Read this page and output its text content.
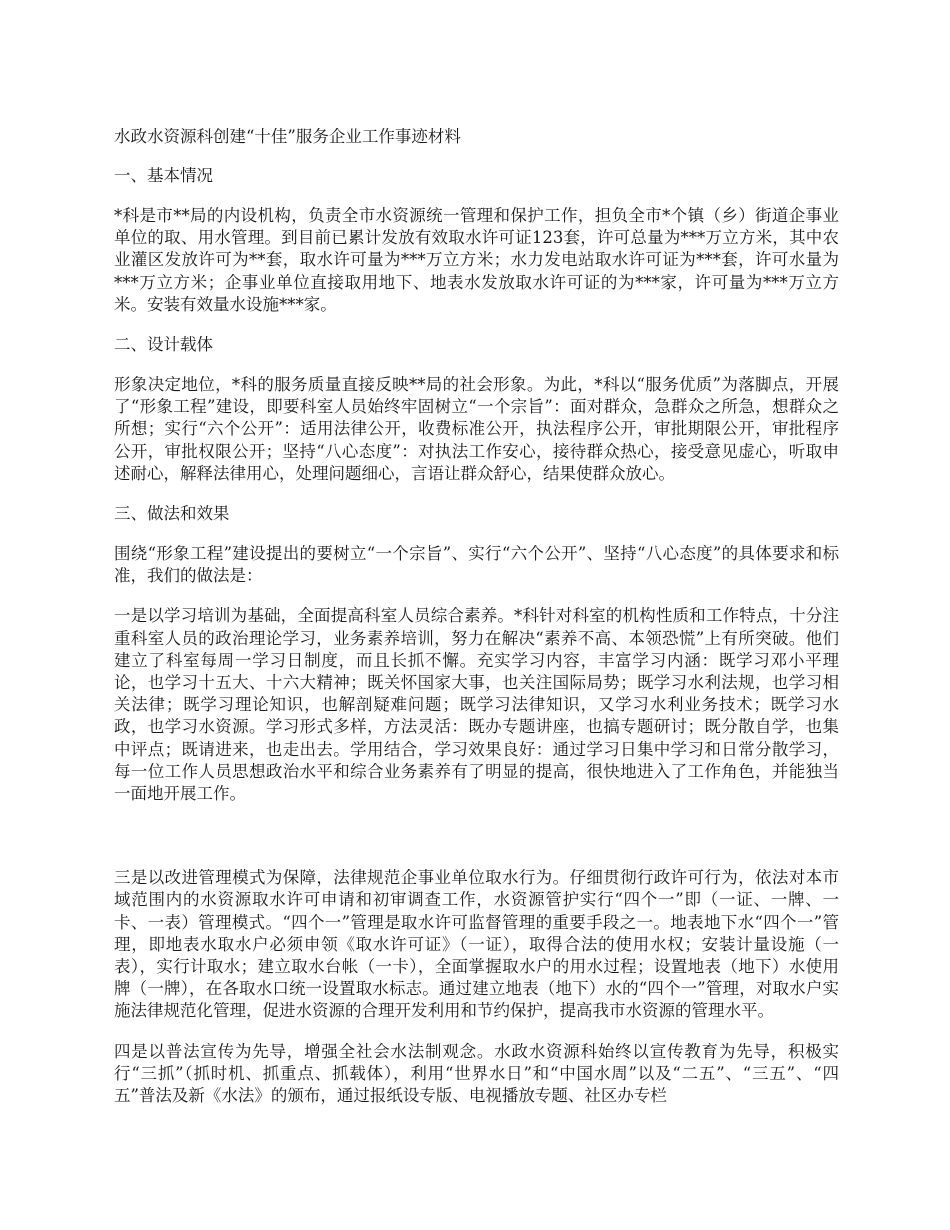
水政水资源科创建“十佳”服务企业工作事迹材料
一、基本情况

*科是市**局的内设机构，负责全市水资源统一管理和保护工作，担负全市*个镇（乡）街道企事业单位的取、用水管理。到目前已累计发放有效取水许可证123套，许可总量为***万立方米，其中农业灌区发放许可为**套，取水许可量为***万立方米；水力发电站取水许可证为***套，许可水量为***万立方米；企事业单位直接取用地下、地表水发放取水许可证的为***家，许可量为***万立方米。安装有效量水设施***家。

二、设计载体

形象决定地位，*科的服务质量直接反映**局的社会形象。为此，*科以“服务优质”为落脚点，开展了“形象工程”建设，即要科室人员始终牢固树立“一个宗旨”：面对群众，急群众之所急，想群众之所想；实行“六个公开”：适用法律公开，收费标准公开，执法程序公开，审批期限公开，审批程序公开，审批权限公开；坚持“八心态度”：对执法工作安心，接待群众热心，接受意见虚心，听取申述耐心，解释法律用心，处理问题细心，言语让群众舒心，结果使群众放心。

三、做法和效果

围绕“形象工程”建设提出的要树立“一个宗旨”、实行“六个公开”、坚持“八心态度”的具体要求和标准，我们的做法是：

一是以学习培训为基础，全面提高科室人员综合素养。*科针对科室的机构性质和工作特点，十分注重科室人员的政治理论学习，业务素养培训，努力在解决“素养不高、本领恐慌”上有所突破。他们建立了科室每周一学习日制度，而且长抓不懈。充实学习内容，丰富学习内涵：既学习邓小平理论，也学习十五大、十六大精神；既关怀国家大事，也关注国际局势；既学习水利法规，也学习相关法律；既学习理论知识，也解剖疑难问题；既学习法律知识，又学习水利业务技术；既学习水政，也学习水资源。学习形式多样，方法灵活：既办专题讲座，也搞专题研讨；既分散自学，也集中评点；既请进来，也走出去。学用结合，学习效果良好：通过学习日集中学习和日常分散学习，每一位工作人员思想政治水平和综合业务素养有了明显的提高，很快地进入了工作角色，并能独当一面地开展工作。

三是以改进管理模式为保障，法律规范企事业单位取水行为。仔细贯彻行政许可行为，依法对本市域范围内的水资源取水许可申请和初审调查工作，水资源管护实行“四个一”即（一证、一牌、一卡、一表）管理模式。“四个一”管理是取水许可监督管理的重要手段之一。地表地下水“四个一”管理，即地表水取水户必须申领《取水许可证》（一证），取得合法的使用水权；安装计量设施（一表），实行计取水；建立取水台帐（一卡），全面掌握取水户的用水过程；设置地表（地下）水使用牌（一牌），在各取水口统一设置取水标志。通过建立地表（地下）水的“四个一”管理，对取水户实施法律规范化管理，促进水资源的合理开发利用和节约保护，提高我市水资源的管理水平。

四是以普法宣传为先导，增强全社会水法制观念。水政水资源科始终以宣传教育为先导，积极实行“三抓”（抓时机、抓重点、抓载体），利用“世界水日”和“中国水周”以及“二五”、“三五”、“四五”普法及新《水法》的颁布，通过报纸设专版、电视播放专题、社区办专栏
